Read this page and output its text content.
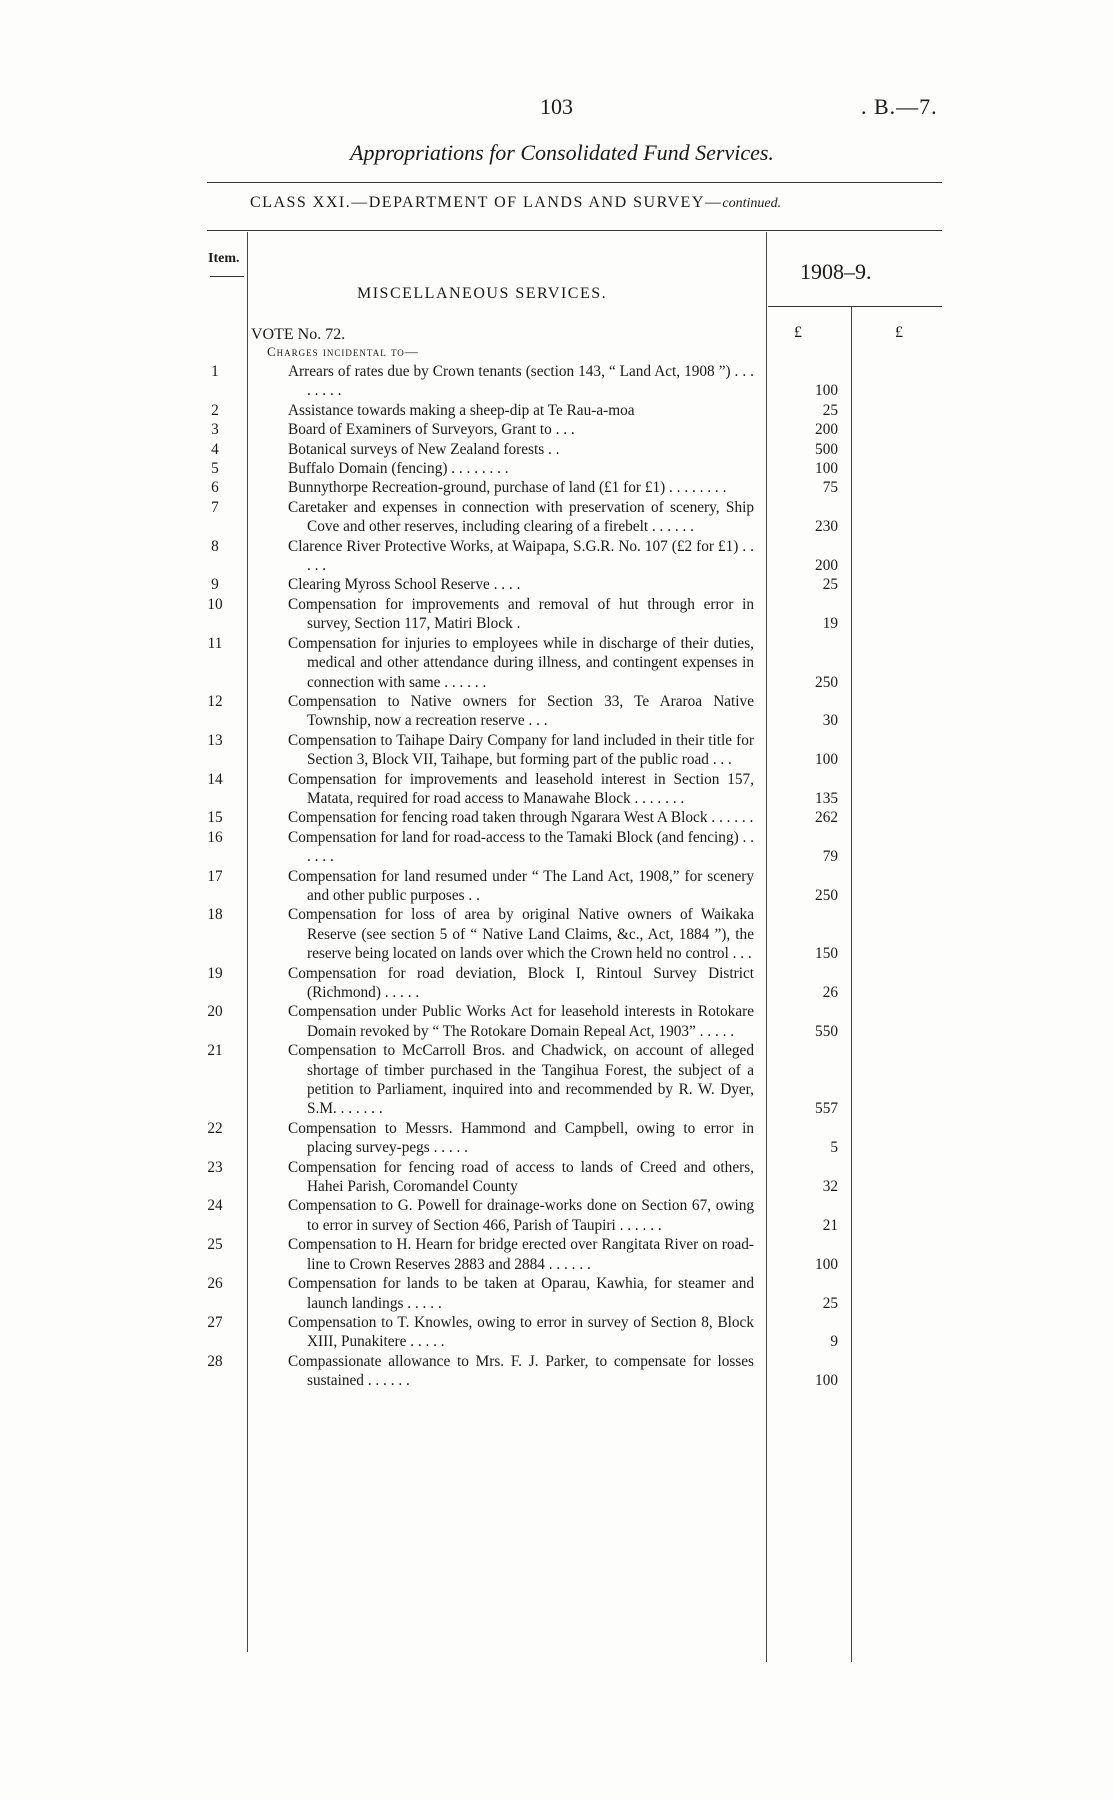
103	. B.—7.
Appropriations for Consolidated Fund Services.
CLASS XXI.—DEPARTMENT OF LANDS AND SURVEY—continued.
Item.
MISCELLANEOUS SERVICES.
1908–9.
VOTE No. 72.
Charges incidental to—
£	£
1	Arrears of rates due by Crown tenants (section 143, “ Land Act, 1908 ”) . . . . . . . .	100
2	Assistance towards making a sheep-dip at Te Rau-a-moa	25
3	Board of Examiners of Surveyors, Grant to . . .	200
4	Botanical surveys of New Zealand forests . .	500
5	Buffalo Domain (fencing) . . . . . . . .	100
6	Bunnythorpe Recreation-ground, purchase of land (£1 for £1) . . . . . . . .	75
7	Caretaker and expenses in connection with preservation of scenery, Ship Cove and other reserves, including clearing of a firebelt . . . . . .	230
8	Clarence River Protective Works, at Waipapa, S.G.R. No. 107 (£2 for £1) . . . . .	200
9	Clearing Myross School Reserve . . . .	25
10	Compensation for improvements and removal of hut through error in survey, Section 117, Matiri Block .	19
11	Compensation for injuries to employees while in discharge of their duties, medical and other attendance during illness, and contingent expenses in connection with same . . . . . .	250
12	Compensation to Native owners for Section 33, Te Araroa Native Township, now a recreation reserve . . .	30
13	Compensation to Taihape Dairy Company for land included in their title for Section 3, Block VII, Taihape, but forming part of the public road . . .	100
14	Compensation for improvements and leasehold interest in Section 157, Matata, required for road access to Manawahe Block . . . . . . .	135
15	Compensation for fencing road taken through Ngarara West A Block . . . . . .	262
16	Compensation for land for road-access to the Tamaki Block (and fencing) . . . . . .	79
17	Compensation for land resumed under “ The Land Act, 1908,” for scenery and other public purposes . .	250
18	Compensation for loss of area by original Native owners of Waikaka Reserve (see section 5 of “ Native Land Claims, &c., Act, 1884 ”), the reserve being located on lands over which the Crown held no control . . .	150
19	Compensation for road deviation, Block I, Rintoul Survey District (Richmond) . . . . .	26
20	Compensation under Public Works Act for leasehold interests in Rotokare Domain revoked by “ The Rotokare Domain Repeal Act, 1903” . . . . .	550
21	Compensation to McCarroll Bros. and Chadwick, on account of alleged shortage of timber purchased in the Tangihua Forest, the subject of a petition to Parliament, inquired into and recommended by R. W. Dyer, S.M. . . . . . .	557
22	Compensation to Messrs. Hammond and Campbell, owing to error in placing survey-pegs . . . . .	5
23	Compensation for fencing road of access to lands of Creed and others, Hahei Parish, Coromandel County	32
24	Compensation to G. Powell for drainage-works done on Section 67, owing to error in survey of Section 466, Parish of Taupiri . . . . . .	21
25	Compensation to H. Hearn for bridge erected over Rangitata River on road-line to Crown Reserves 2883 and 2884 . . . . . .	100
26	Compensation for lands to be taken at Oparau, Kawhia, for steamer and launch landings . . . . .	25
27	Compensation to T. Knowles, owing to error in survey of Section 8, Block XIII, Punakitere . . . . .	9
28	Compassionate allowance to Mrs. F. J. Parker, to compensate for losses sustained . . . . . .	100
